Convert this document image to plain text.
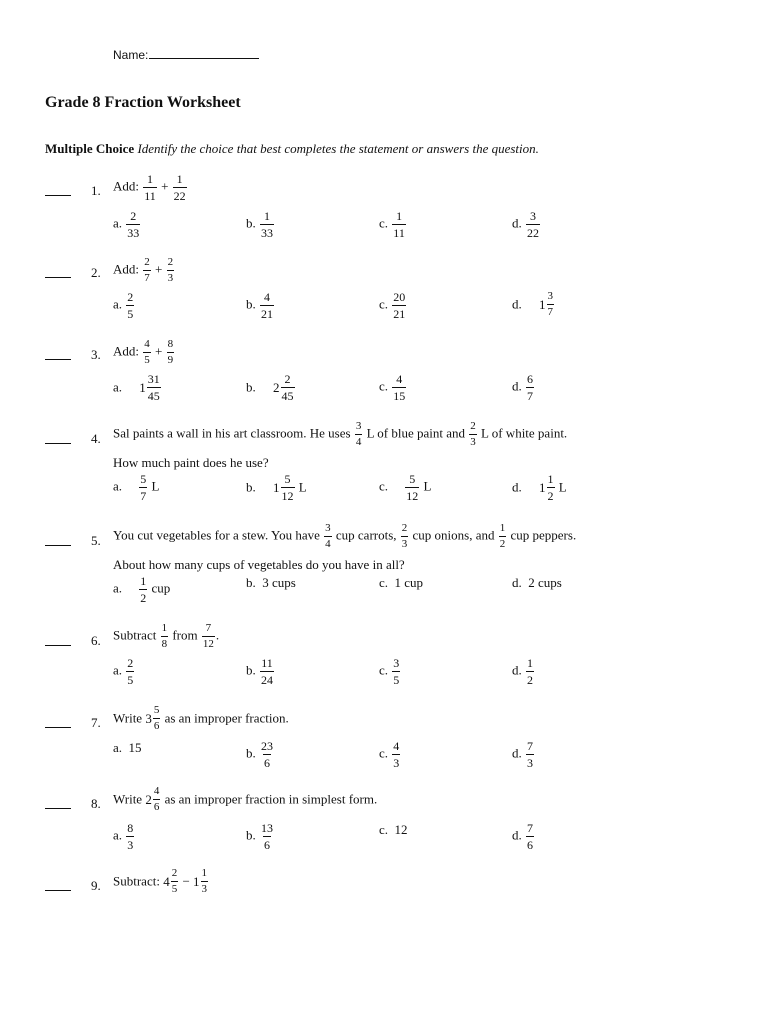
Name:
Grade 8 Fraction Worksheet
Multiple Choice Identify the choice that best completes the statement or answers the question.
1. Add: $\frac{1}{11} + \frac{1}{22}$
a. $\frac{2}{33}$	b. $\frac{1}{33}$	c. $\frac{1}{11}$	d. $\frac{3}{22}$
2. Add: $\frac{2}{7} + \frac{2}{3}$
a. $\frac{2}{5}$	b. $\frac{4}{21}$	c. $\frac{20}{21}$	d. $1 \frac{3}{7}$
3. Add: $\frac{4}{5} + \frac{8}{9}$
a. $1 \frac{31}{45}$	b. $2 \frac{2}{45}$	c. $\frac{4}{15}$	d. $\frac{6}{7}$
4. Sal paints a wall in his art classroom. He uses $\frac{3}{4}$ L of blue paint and $\frac{2}{3}$ L of white paint.
How much paint does he use?
a. $\frac{5}{7}$ L	b. $1 \frac{5}{12}$ L	c. $\frac{5}{12}$ L	d. $1 \frac{1}{2}$ L
5. You cut vegetables for a stew. You have $\frac{3}{4}$ cup carrots, $\frac{2}{3}$ cup onions, and $\frac{1}{2}$ cup peppers.
About how many cups of vegetables do you have in all?
a. $\frac{1}{2}$ cup	b. 3 cups	c. 1 cup	d. 2 cups
6. Subtract $\frac{1}{8}$ from $\frac{7}{12}$ .
a. $\frac{2}{5}$	b. $\frac{11}{24}$	c. $\frac{3}{5}$	d. $\frac{1}{2}$
7. Write $3 \frac{5}{6}$ as an improper fraction.
a. 15	b. $\frac{23}{6}$	c. $\frac{4}{3}$	d. $\frac{7}{3}$
8. Write $2 \frac{4}{6}$ as an improper fraction in simplest form.
a. $\frac{8}{3}$	b. $\frac{13}{6}$	c. 12	d. $\frac{7}{6}$
9. Subtract: $4 \frac{2}{5} - 1 \frac{1}{3}$
